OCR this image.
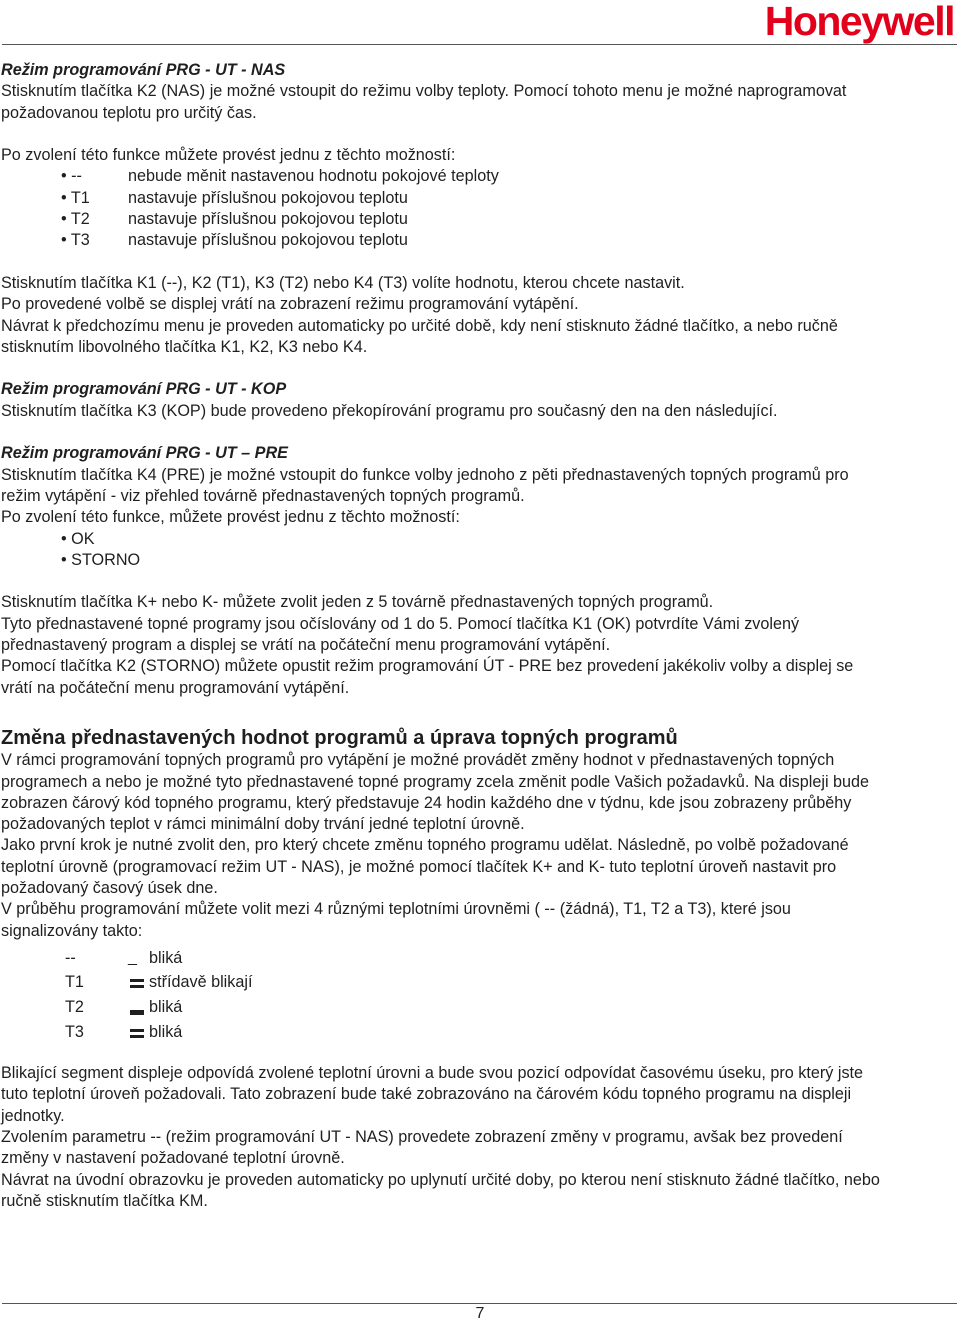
Honeywell
Režim programování PRG - UT - NAS
Stisknutím tlačítka K2 (NAS) je možné vstoupit do režimu volby teploty. Pomocí tohoto menu je možné naprogramovat
požadovanou teplotu pro určitý čas.
Po zvolení této funkce můžete provést jednu z těchto možností:
• --	nebude měnit nastavenou hodnotu pokojové teploty
• T1	nastavuje příslušnou pokojovou teplotu
• T2	nastavuje příslušnou pokojovou teplotu
• T3	nastavuje příslušnou pokojovou teplotu
Stisknutím tlačítka K1 (--), K2 (T1), K3 (T2) nebo K4 (T3) volíte hodnotu, kterou chcete nastavit.
Po provedené volbě se displej vrátí na zobrazení režimu programování vytápění.
Návrat k předchozímu menu je proveden automaticky po určité době, kdy není stisknuto žádné tlačítko, a nebo ručně
stisknutím libovolného tlačítka K1, K2, K3 nebo K4.
Režim programování PRG - UT - KOP
Stisknutím tlačítka K3 (KOP) bude provedeno překopírování programu pro současný den na den následující.
Režim programování PRG - UT – PRE
Stisknutím tlačítka K4 (PRE) je možné vstoupit do funkce volby jednoho z pěti přednastavených topných programů pro
režim vytápění - viz přehled továrně přednastavených topných programů.
Po zvolení této funkce, můžete provést jednu z těchto možností:
• OK
• STORNO
Stisknutím tlačítka K+ nebo K- můžete zvolit jeden z 5 továrně přednastavených topných programů.
Tyto přednastavené topné programy jsou očíslovány od 1 do 5. Pomocí tlačítka K1 (OK) potvrdíte Vámi zvolený
přednastavený program a displej se vrátí na počáteční menu programování vytápění.
Pomocí tlačítka K2 (STORNO) můžete opustit režim programování ÚT - PRE bez provedení jakékoliv volby a displej se
vrátí na počáteční menu programování vytápění.
Změna přednastavených hodnot programů a úprava topných programů
V rámci programování topných programů pro vytápění je možné provádět změny hodnot v přednastavených topných
programech a nebo je možné tyto přednastavené topné programy zcela změnit podle Vašich požadavků. Na displeji bude
zobrazen čárový kód topného programu, který představuje 24 hodin každého dne v týdnu, kde jsou zobrazeny průběhy
požadovaných teplot v rámci minimální doby trvání jedné teplotní úrovně.
Jako první krok je nutné zvolit den, pro který chcete změnu topného programu udělat. Následně, po volbě požadované
teplotní úrovně (programovací režim UT - NAS), je možné pomocí tlačítek K+ and K- tuto teplotní úroveň nastavit pro
požadovaný časový úsek dne.
V průběhu programování můžete volit mezi 4 různými teplotními úrovněmi ( -- (žádná), T1, T2 a T3), které jsou
signalizovány takto:
--	_ bliká
T1	střídavě blikají
T2	bliká
T3	bliká
Blikající segment displeje odpovídá zvolené teplotní úrovni a bude svou pozicí odpovídat časovému úseku, pro který jste
tuto teplotní úroveň požadovali. Tato zobrazení bude také zobrazováno na čárovém kódu topného programu na displeji
jednotky.
Zvolením parametru -- (režim programování UT - NAS) provedete zobrazení změny v programu, avšak bez provedení
změny v nastavení požadované teplotní úrovně.
Návrat na úvodní obrazovku je proveden automaticky po uplynutí určité doby, po kterou není stisknuto žádné tlačítko, nebo
ručně stisknutím tlačítka KM.
7
